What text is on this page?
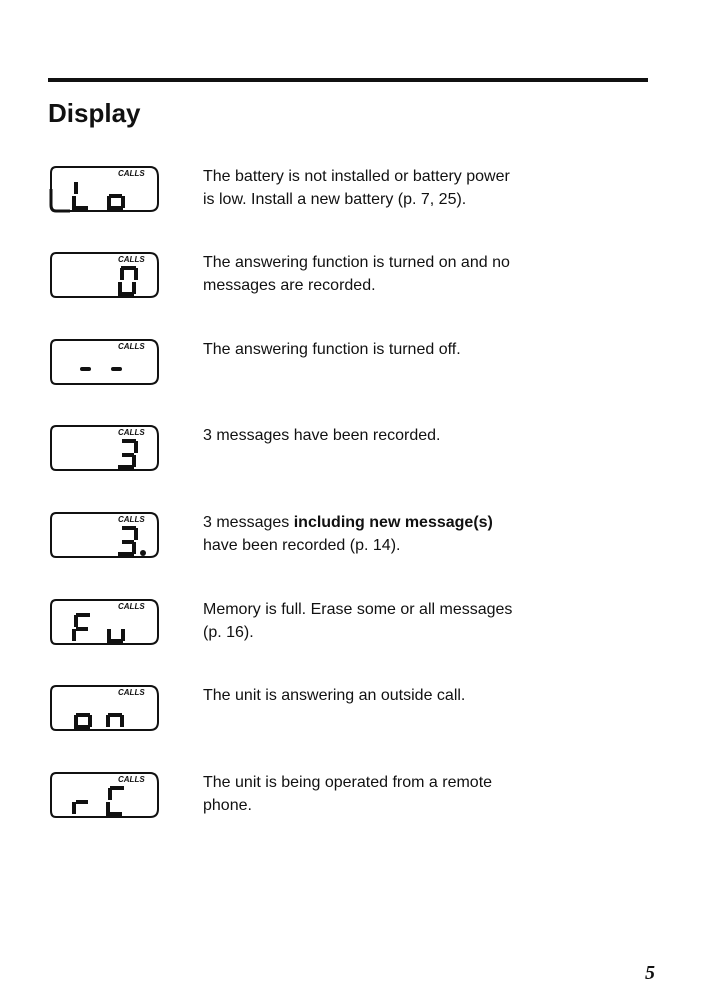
Display
CALLS	The battery is not installed or battery power
is low. Install a new battery (p. 7, 25).
CALLS	The answering function is turned on and no
messages are recorded.
CALLS	The answering function is turned off.
CALLS	3 messages have been recorded.
CALLS	3 messages including new message(s)
have been recorded (p. 14).
CALLS	Memory is full. Erase some or all messages
(p. 16).
CALLS	The unit is answering an outside call.
CALLS	The unit is being operated from a remote
phone.
5
